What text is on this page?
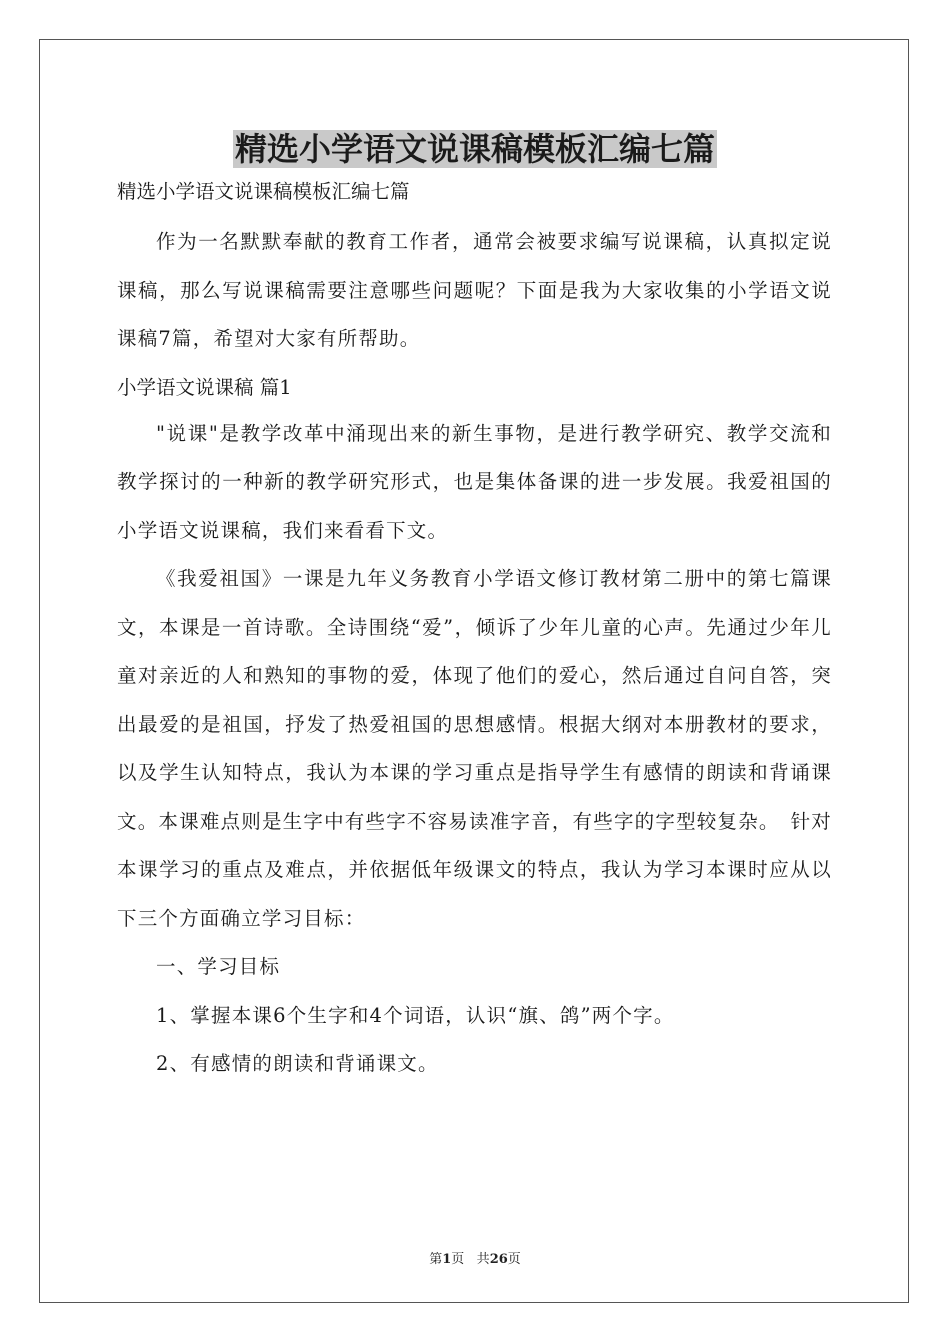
精选小学语文说课稿模板汇编七篇

精选小学语文说课稿模板汇编七篇

作为一名默默奉献的教育工作者，通常会被要求编写说课稿，认真拟定说课稿，那么写说课稿需要注意哪些问题呢？下面是我为大家收集的小学语文说课稿7篇，希望对大家有所帮助。

小学语文说课稿 篇1

"说课"是教学改革中涌现出来的新生事物，是进行教学研究、教学交流和教学探讨的一种新的教学研究形式，也是集体备课的进一步发展。我爱祖国的小学语文说课稿，我们来看看下文。

《我爱祖国》一课是九年义务教育小学语文修订教材第二册中的第七篇课文，本课是一首诗歌。全诗围绕“爱”，倾诉了少年儿童的心声。先通过少年儿童对亲近的人和熟知的事物的爱，体现了他们的爱心，然后通过自问自答，突出最爱的是祖国，抒发了热爱祖国的思想感情。根据大纲对本册教材的要求，以及学生认知特点，我认为本课的学习重点是指导学生有感情的朗读和背诵课文。本课难点则是生字中有些字不容易读准字音，有些字的字型较复杂。　针对本课学习的重点及难点，并依据低年级课文的特点，我认为学习本课时应从以下三个方面确立学习目标：

一、学习目标

1、掌握本课6个生字和4个词语，认识“旗、鸽”两个字。

2、有感情的朗读和背诵课文。

第1页 共26页
